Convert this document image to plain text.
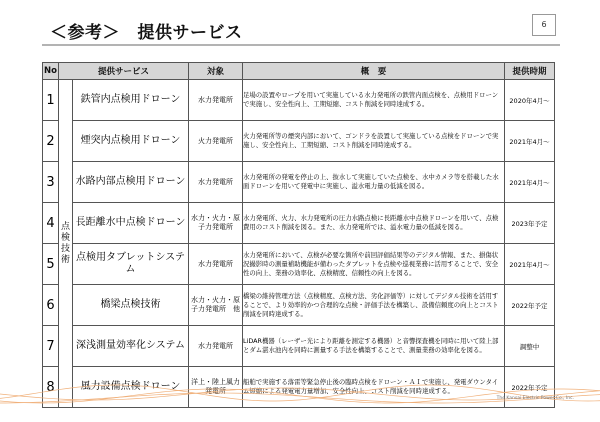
＜参考＞　提供サービス	6
No	提供サービス		対象	概　要	提供時期
1	点検技術	鉄管内点検用ドローン	水力発電所	足場の設置やロープを用いて実施している水力発電所の鉄管内面点検を、点検用ドローンで実施し、安全性向上、工期短縮、コスト削減を同時達成する。	2020年4月～
2		煙突内点検用ドローン	火力発電所	火力発電所等の煙突内部において、ゴンドラを設置して実施している点検をドローンで実施し、安全性向上、工期短縮、コスト削減を同時達成する。	2021年4月～
3		水路内部点検用ドローン	水力発電所	水力発電所の発電を停止の上、抜水して実施していた点検を、水中カメラ等を搭載した水面ドローンを用いて発電中に実施し、溢水電力量の低減を図る。	2021年4月～
4		長距離水中点検ドローン	水力・火力・原子力発電所	水力発電所、火力、水力発電所の圧力水路点検に長距離水中点検ドローンを用いて、点検費用のコスト削減を図る。また、水力発電所では、溢水電力量の低減を図る。	2023年予定
5		点検用タブレットシステム	水力発電所	水力発電所において、点検が必要な箇所や前回評価結果等のデジタル情報、また、損傷状況撮影時の測量補助機能が備わったタブレットを点検や巡視業務に活用することで、安全性の向上、業務の効率化、点検精度、信頼性の向上を図る。	2021年4月～
6		橋梁点検技術	水力・火力・原子力発電所　他	橋梁の維持管理方法（点検精度、点検方法、劣化評価等）に対してデジタル技術を活用することで、より効率的かつ合理的な点検・評価手法を構築し、設備信頼度の向上とコスト削減を同時達成する。	2022年予定
7		深浅測量効率化システム	水力発電所	LiDAR機器（レーザー光により距離を測定する機器）と音響探査機を同時に用いて陸上部とダム湛水池内を同時に測量する手法を構築することで、測量業務の効率化を図る。	調整中
8		風力設備点検ドローン	洋上・陸上風力発電所	船舶で実施する落雷等緊急停止後の臨時点検をドローン・ＡＩで実施し、発電ダウンタイム短縮による発電電力量増加、安全性向上、コスト削減を同時達成する。	2022年予定
The Kansai Electric Power Co., Inc.
